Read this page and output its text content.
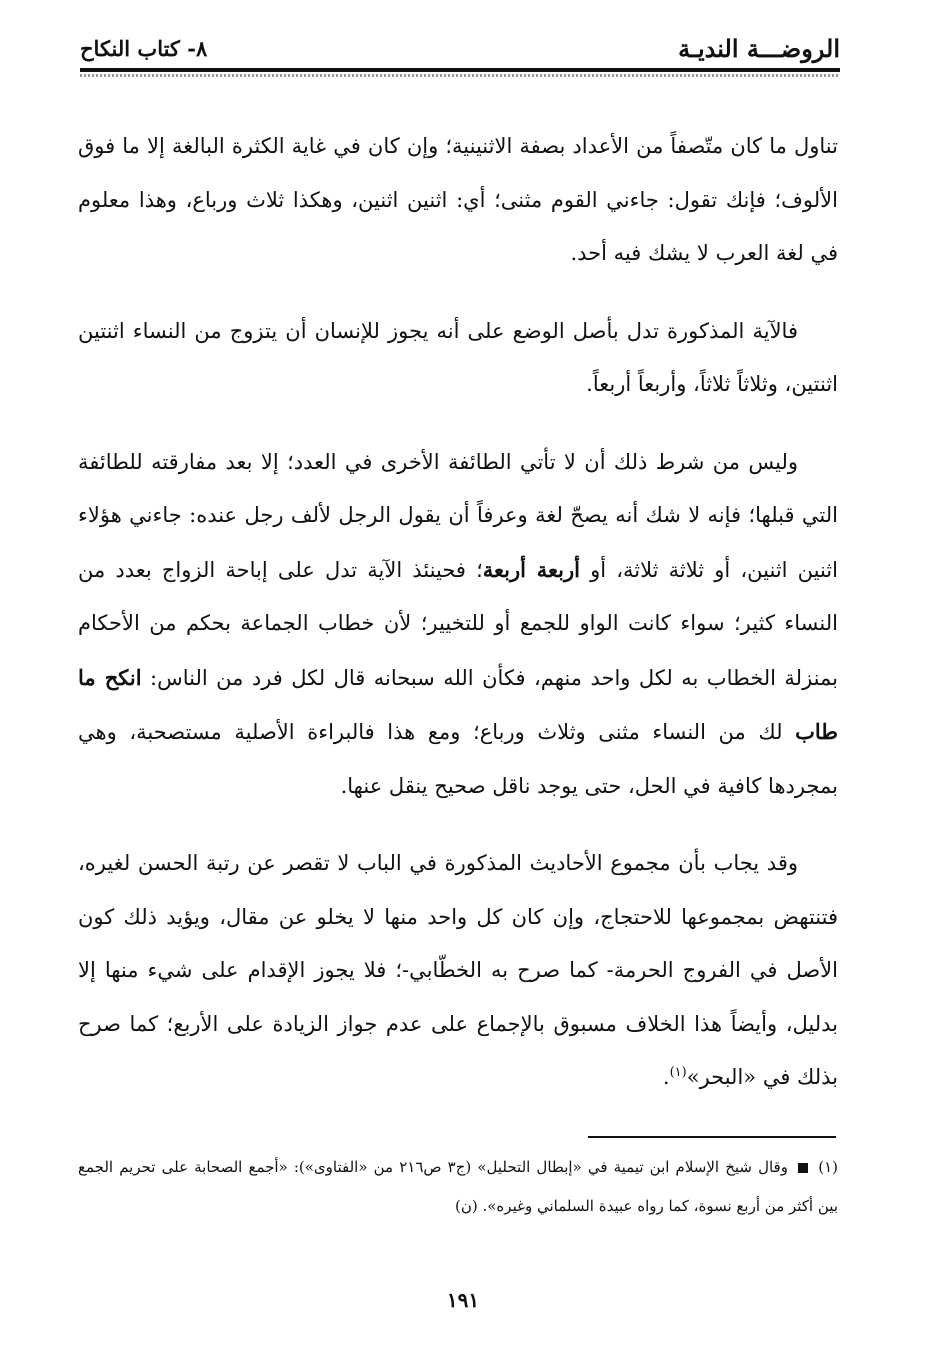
الروضـــة النديـة
٨- كتاب النكاح

تناول ما كان متّصفاً من الأعداد بصفة الاثنينية؛ وإن كان في غاية الكثرة البالغة إلا ما فوق الألوف؛ فإنك تقول: جاءني القوم مثنى؛ أي: اثنين اثنين، وهكذا ثلاث ورباع، وهذا معلوم في لغة العرب لا يشك فيه أحد.

فالآية المذكورة تدل بأصل الوضع على أنه يجوز للإنسان أن يتزوج من النساء اثنتين اثنتين، وثلاثاً ثلاثاً، وأربعاً أربعاً.

وليس من شرط ذلك أن لا تأتي الطائفة الأخرى في العدد؛ إلا بعد مفارقته للطائفة التي قبلها؛ فإنه لا شك أنه يصحّ لغة وعرفاً أن يقول الرجل لألف رجل عنده: جاءني هؤلاء اثنين اثنين، أو ثلاثة ثلاثة، أو أربعة أربعة؛ فحينئذ الآية تدل على إباحة الزواج بعدد من النساء كثير؛ سواء كانت الواو للجمع أو للتخيير؛ لأن خطاب الجماعة بحكم من الأحكام بمنزلة الخطاب به لكل واحد منهم، فكأن الله سبحانه قال لكل فرد من الناس: انكح ما طاب لك من النساء مثنى وثلاث ورباع؛ ومع هذا فالبراءة الأصلية مستصحبة، وهي بمجردها كافية في الحل، حتى يوجد ناقل صحيح ينقل عنها.

وقد يجاب بأن مجموع الأحاديث المذكورة في الباب لا تقصر عن رتبة الحسن لغيره، فتنتهض بمجموعها للاحتجاج، وإن كان كل واحد منها لا يخلو عن مقال، ويؤيد ذلك كون الأصل في الفروج الحرمة- كما صرح به الخطّابي-؛ فلا يجوز الإقدام على شيء منها إلا بدليل، وأيضاً هذا الخلاف مسبوق بالإجماع على عدم جواز الزيادة على الأربع؛ كما صرح بذلك في «البحر»$^{(١)}$.

(١)  وقال شيخ الإسلام ابن تيمية في «إبطال التحليل» (ج٣ ص٢١٦ من «الفتاوى»): «أجمع الصحابة على تحريم الجمع بين أكثر من أربع نسوة، كما رواه عبيدة السلماني وغيره». (ن)

١٩١
